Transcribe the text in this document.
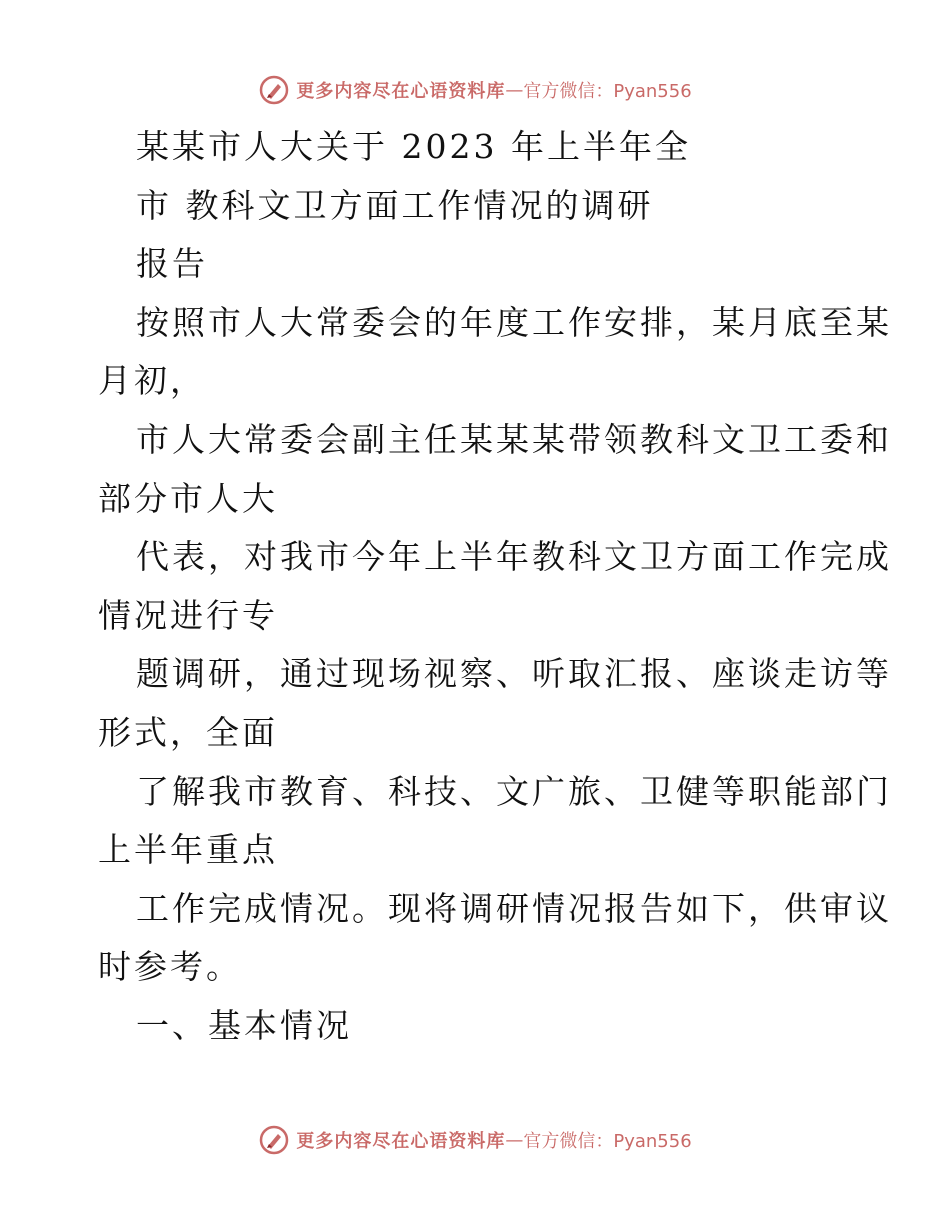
更多内容尽在心语资料库 — 官方微信：Pyan556
某某市人大关于 2023 年上半年全
市 教科文卫方面工作情况的调研
报告
按照市人大常委会的年度工作安排，某月底至某
月初，
市人大常委会副主任某某某带领教科文卫工委和
部分市人大
代表，对我市今年上半年教科文卫方面工作完成
情况进行专
题调研，通过现场视察、听取汇报、座谈走访等
形式，全面
了解我市教育、科技、文广旅、卫健等职能部门
上半年重点
工作完成情况。现将调研情况报告如下，供审议
时参考。
一、基本情况
更多内容尽在心语资料库 — 官方微信：Pyan556
